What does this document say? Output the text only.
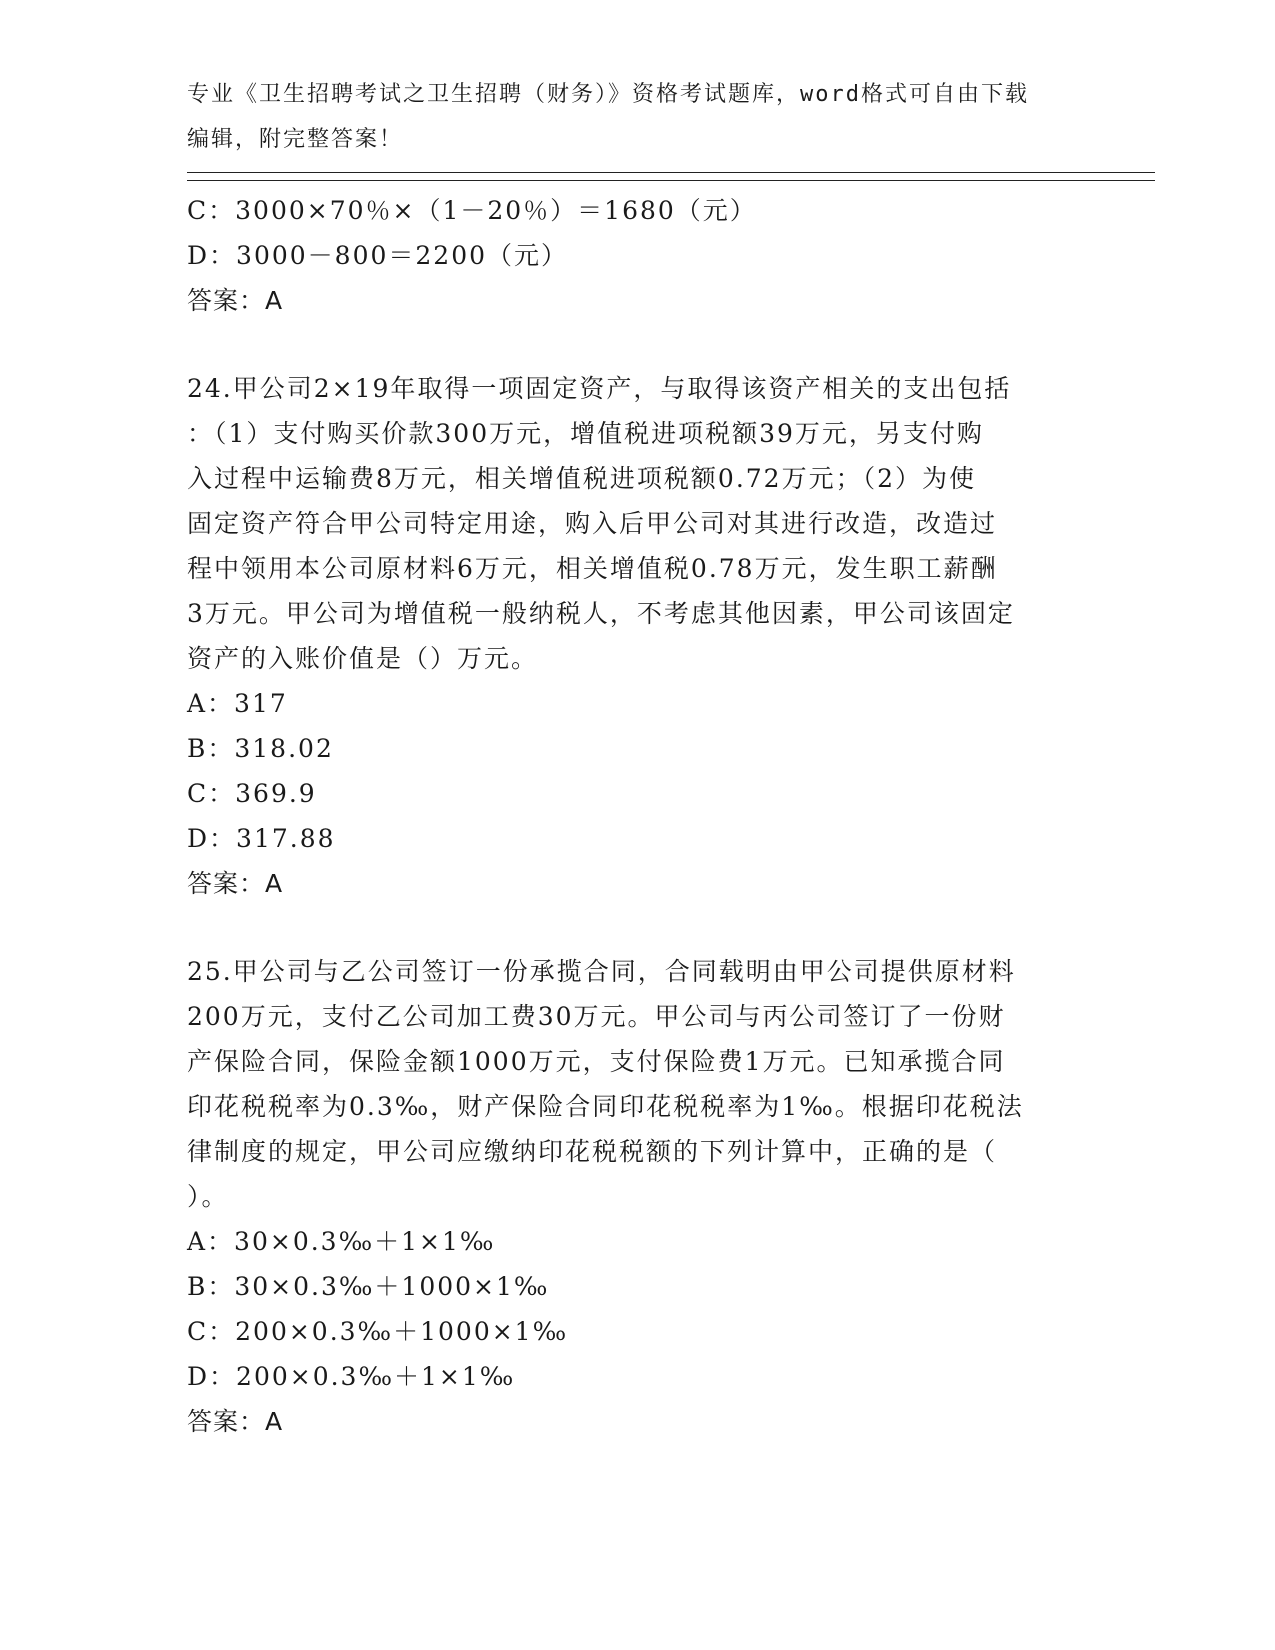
专业《卫生招聘考试之卫生招聘（财务）》资格考试题库，word格式可自由下载
编辑，附完整答案！
C：3000×70％×（1－20％）＝1680（元）
D：3000－800＝2200（元）
答案：A
24.甲公司2×19年取得一项固定资产，与取得该资产相关的支出包括
：（1）支付购买价款300万元，增值税进项税额39万元，另支付购
入过程中运输费8万元，相关增值税进项税额0.72万元；（2）为使
固定资产符合甲公司特定用途，购入后甲公司对其进行改造，改造过
程中领用本公司原材料6万元，相关增值税0.78万元，发生职工薪酬
3万元。甲公司为增值税一般纳税人，不考虑其他因素，甲公司该固定
资产的入账价值是（）万元。
A：317
B：318.02
C：369.9
D：317.88
答案：A
25.甲公司与乙公司签订一份承揽合同，合同载明由甲公司提供原材料
200万元，支付乙公司加工费30万元。甲公司与丙公司签订了一份财
产保险合同，保险金额1000万元，支付保险费1万元。已知承揽合同
印花税税率为0.3‰，财产保险合同印花税税率为1‰。根据印花税法
律制度的规定，甲公司应缴纳印花税税额的下列计算中，正确的是（
）。
A：30×0.3‰＋1×1‰
B：30×0.3‰＋1000×1‰
C：200×0.3‰＋1000×1‰
D：200×0.3‰＋1×1‰
答案：A
